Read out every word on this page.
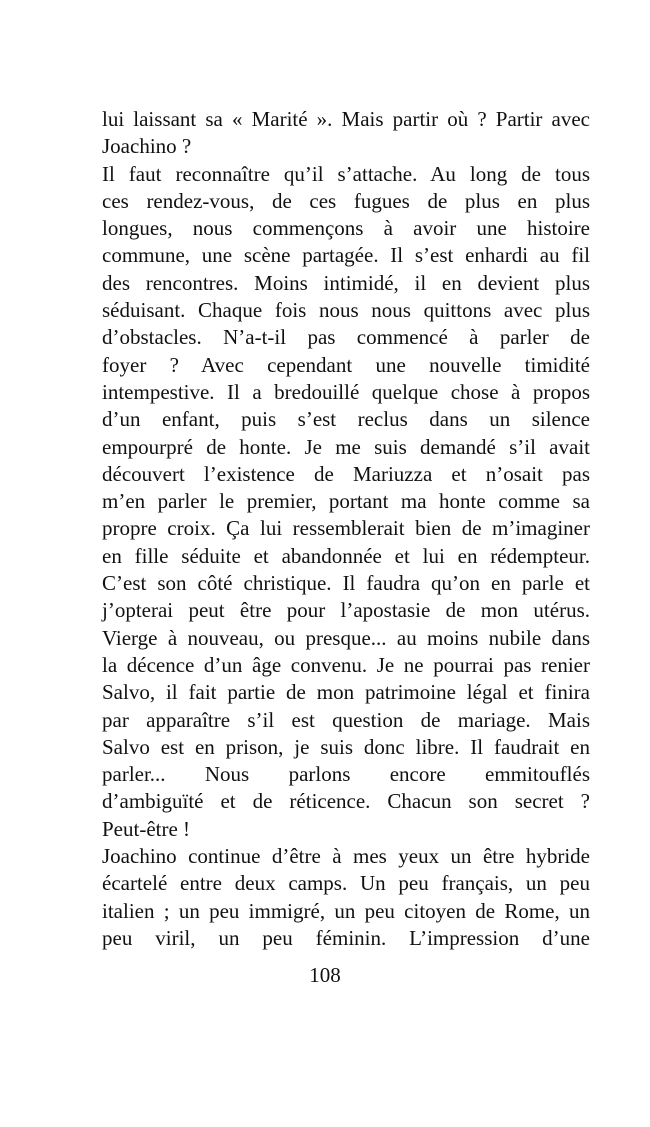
lui laissant sa « Marité ». Mais partir où ? Partir avec
Joachino ?
Il faut reconnaître qu’il s’attache. Au long de tous
ces rendez-vous, de ces fugues de plus en plus
longues, nous commençons à avoir une histoire
commune, une scène partagée. Il s’est enhardi au fil
des rencontres. Moins intimidé, il en devient plus
séduisant. Chaque fois nous nous quittons avec plus
d’obstacles. N’a-t-il pas commencé à parler de
foyer ? Avec cependant une nouvelle timidité
intempestive. Il a bredouillé quelque chose à propos
d’un enfant, puis s’est reclus dans un silence
empourpré de honte. Je me suis demandé s’il avait
découvert l’existence de Mariuzza et n’osait pas
m’en parler le premier, portant ma honte comme sa
propre croix. Ça lui ressemblerait bien de m’imaginer
en fille séduite et abandonnée et lui en rédempteur.
C’est son côté christique. Il faudra qu’on en parle et
j’opterai peut être pour l’apostasie de mon utérus.
Vierge à nouveau, ou presque... au moins nubile dans
la décence d’un âge convenu. Je ne pourrai pas renier
Salvo, il fait partie de mon patrimoine légal et finira
par apparaître s’il est question de mariage. Mais
Salvo est en prison, je suis donc libre. Il faudrait en
parler... Nous parlons encore emmitouflés
d’ambiguïté et de réticence. Chacun son secret ?
Peut-être !
Joachino continue d’être à mes yeux un être hybride
écartelé entre deux camps. Un peu français, un peu
italien ; un peu immigré, un peu citoyen de Rome, un
peu viril, un peu féminin. L’impression d’une
108
